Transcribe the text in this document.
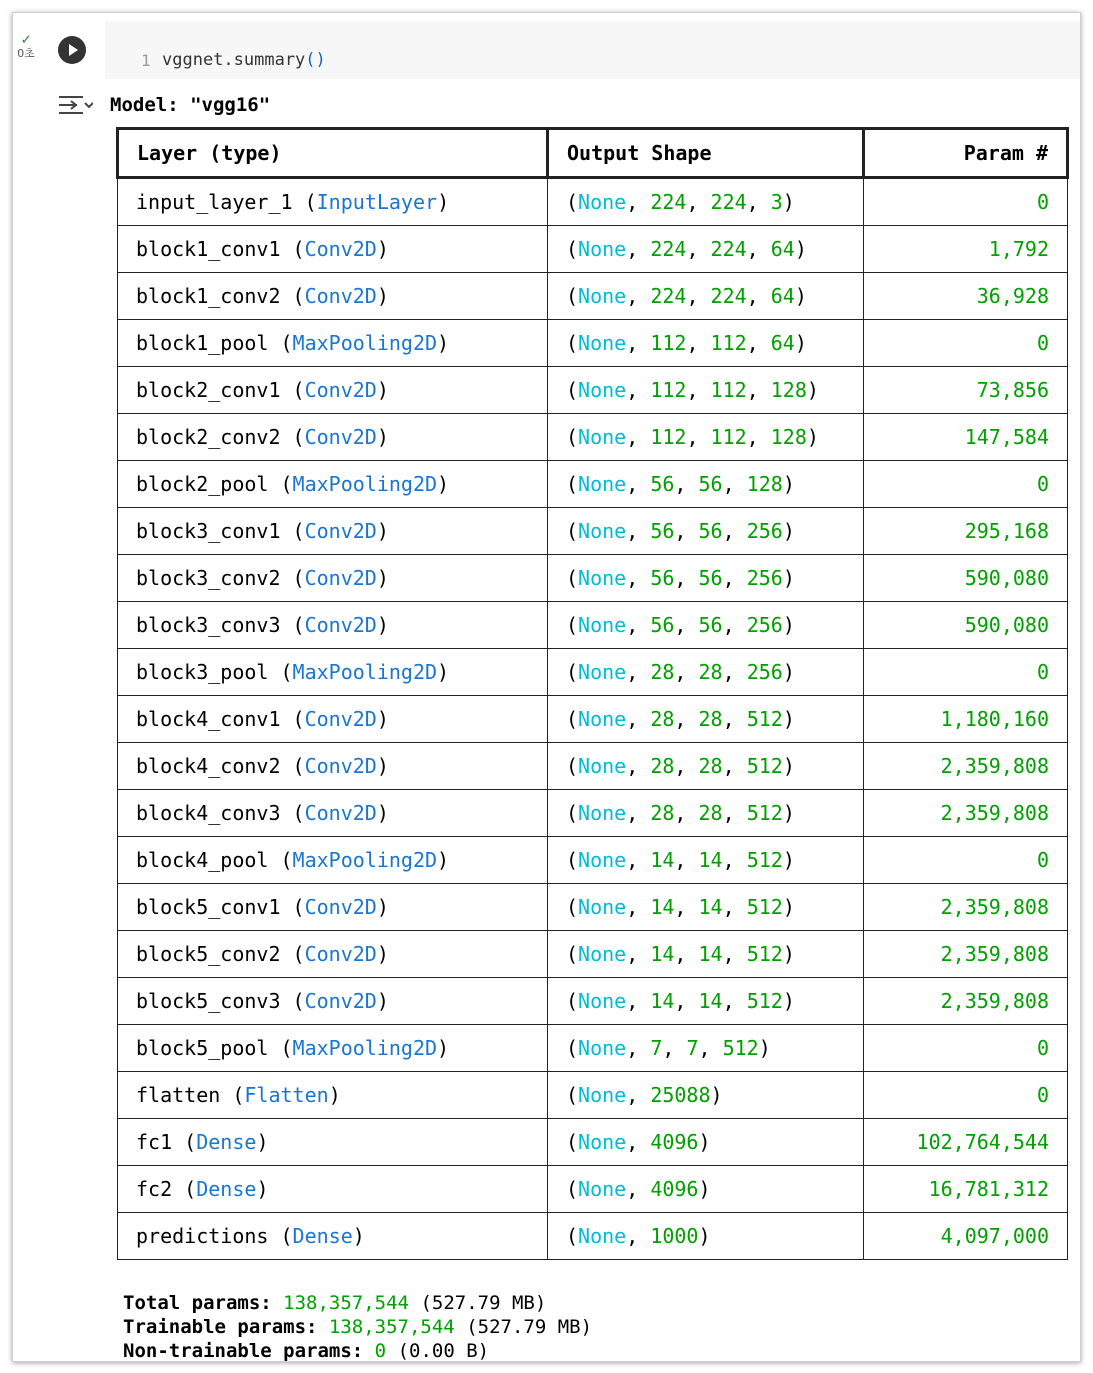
✓
0초	1 vggnet.summary()
Model: "vgg16"
Layer (type)	Output Shape	Param #
input_layer_1 (InputLayer)	(None, 224, 224, 3)	0
block1_conv1 (Conv2D)	(None, 224, 224, 64)	1,792
block1_conv2 (Conv2D)	(None, 224, 224, 64)	36,928
block1_pool (MaxPooling2D)	(None, 112, 112, 64)	0
block2_conv1 (Conv2D)	(None, 112, 112, 128)	73,856
block2_conv2 (Conv2D)	(None, 112, 112, 128)	147,584
block2_pool (MaxPooling2D)	(None, 56, 56, 128)	0
block3_conv1 (Conv2D)	(None, 56, 56, 256)	295,168
block3_conv2 (Conv2D)	(None, 56, 56, 256)	590,080
block3_conv3 (Conv2D)	(None, 56, 56, 256)	590,080
block3_pool (MaxPooling2D)	(None, 28, 28, 256)	0
block4_conv1 (Conv2D)	(None, 28, 28, 512)	1,180,160
block4_conv2 (Conv2D)	(None, 28, 28, 512)	2,359,808
block4_conv3 (Conv2D)	(None, 28, 28, 512)	2,359,808
block4_pool (MaxPooling2D)	(None, 14, 14, 512)	0
block5_conv1 (Conv2D)	(None, 14, 14, 512)	2,359,808
block5_conv2 (Conv2D)	(None, 14, 14, 512)	2,359,808
block5_conv3 (Conv2D)	(None, 14, 14, 512)	2,359,808
block5_pool (MaxPooling2D)	(None, 7, 7, 512)	0
flatten (Flatten)	(None, 25088)	0
fc1 (Dense)	(None, 4096)	102,764,544
fc2 (Dense)	(None, 4096)	16,781,312
predictions (Dense)	(None, 1000)	4,097,000
Total params: 138,357,544 (527.79 MB)
Trainable params: 138,357,544 (527.79 MB)
Non-trainable params: 0 (0.00 B)
